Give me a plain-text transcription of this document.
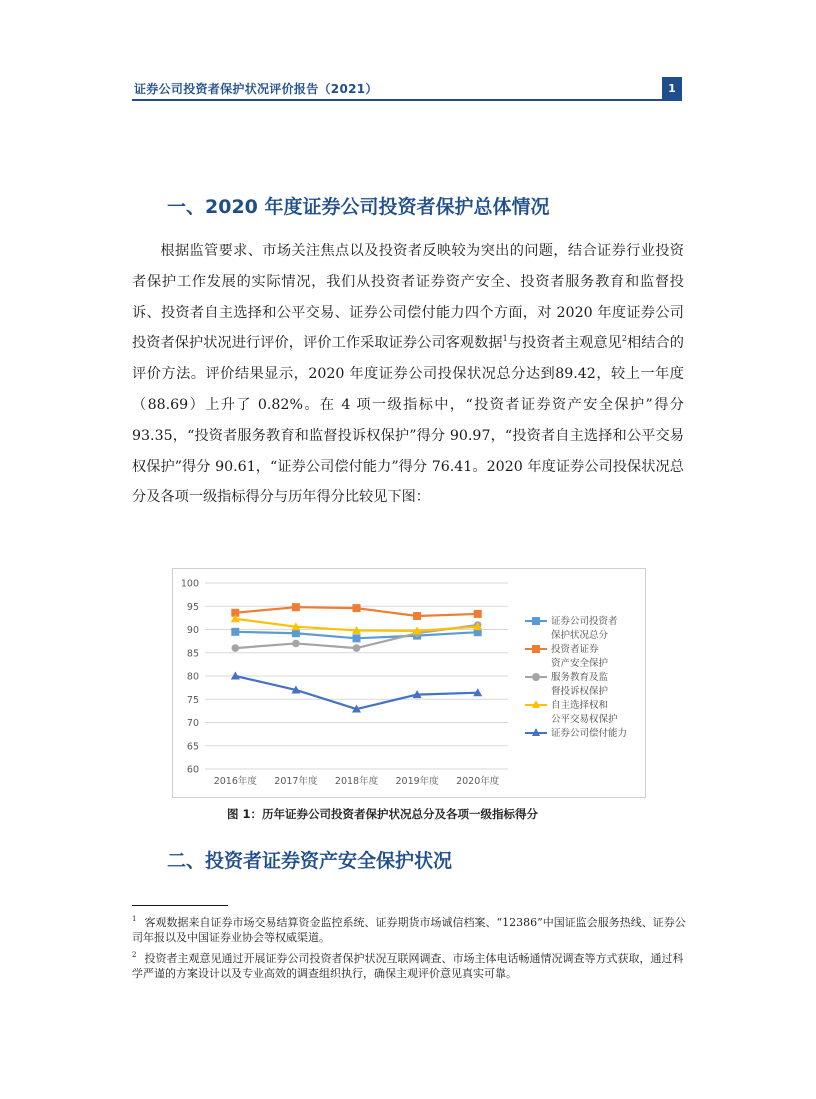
证券公司投资者保护状况评价报告（2021）	1
一、2020 年度证券公司投资者保护总体情况

根据监管要求、市场关注焦点以及投资者反映较为突出的问题，结合证券行业投资者保护工作发展的实际情况，我们从投资者证券资产安全、投资者服务教育和监督投诉、投资者自主选择和公平交易、证券公司偿付能力四个方面，对 2020 年度证券公司投资者保护状况进行评价，评价工作采取证券公司客观数据$^1$与投资者主观意见$^2$相结合的评价方法。评价结果显示，2020 年度证券公司投保状况总分达到89.42，较上一年度（88.69）上升了 0.82%。在 4 项一级指标中，“投资者证券资产安全保护”得分 93.35，“投资者服务教育和监督投诉权保护”得分 90.97，“投资者自主选择和公平交易权保护”得分 90.61，“证券公司偿付能力”得分 76.41。2020 年度证券公司投保状况总分及各项一级指标得分与历年得分比较见下图：

60
65
70
75
80
85
90
95
100
2016年度 2017年度 2018年度 2019年度 2020年度
证券公司投资者
保护状况总分
投资者证券
资产安全保护
服务教育及监
督投诉权保护
自主选择权和
公平交易权保护
证券公司偿付能力
图 1：历年证券公司投资者保护状况总分及各项一级指标得分
二、投资者证券资产安全保护状况
$^1$ 客观数据来自证券市场交易结算资金监控系统、证券期货市场诚信档案、“12386”中国证监会服务热线、证券公司年报以及中国证券业协会等权威渠道。
$^2$ 投资者主观意见通过开展证券公司投资者保护状况互联网调查、市场主体电话畅通情况调查等方式获取，通过科学严谨的方案设计以及专业高效的调查组织执行，确保主观评价意见真实可靠。
